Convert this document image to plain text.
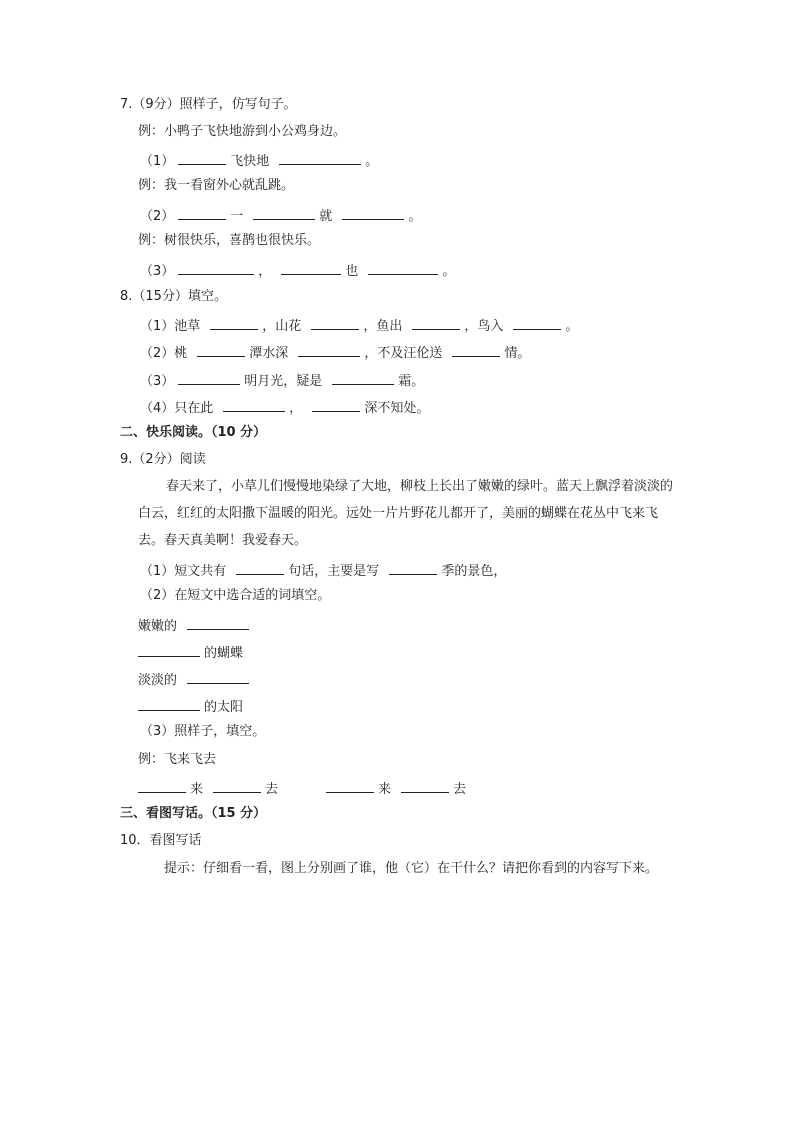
7.（9分）照样子，仿写句子。
例：小鸭子飞快地游到小公鸡身边。
（1）	飞快地	。
例：我一看窗外心就乱跳。
（2）	一	就	。
例：树很快乐，喜鹊也很快乐。
（3）	，	也	。
8.（15分）填空。
（1）池草	，山花	，鱼出	，鸟入	。
（2）桃	潭水深	，不及汪伦送	情。
（3）	明月光，疑是	霜。
（4）只在此	，	深不知处。
二、快乐阅读。（10 分）
9.（2分）阅读
春天来了，小草儿们慢慢地染绿了大地，柳枝上长出了嫩嫩的绿叶。蓝天上飘浮着淡淡的白云，红红的太阳撒下温暖的阳光。远处一片片野花儿都开了，美丽的蝴蝶在花丛中飞来飞去。春天真美啊！我爱春天。
（1）短文共有	句话，主要是写	季的景色，
（2）在短文中选合适的词填空。
嫩嫩的
的蝴蝶
淡淡的
的太阳
（3）照样子，填空。
例：飞来飞去
来	去	来	去
三、看图写话。（15 分）
10．看图写话
提示：仔细看一看，图上分别画了谁，他（它）在干什么？请把你看到的内容写下来。
